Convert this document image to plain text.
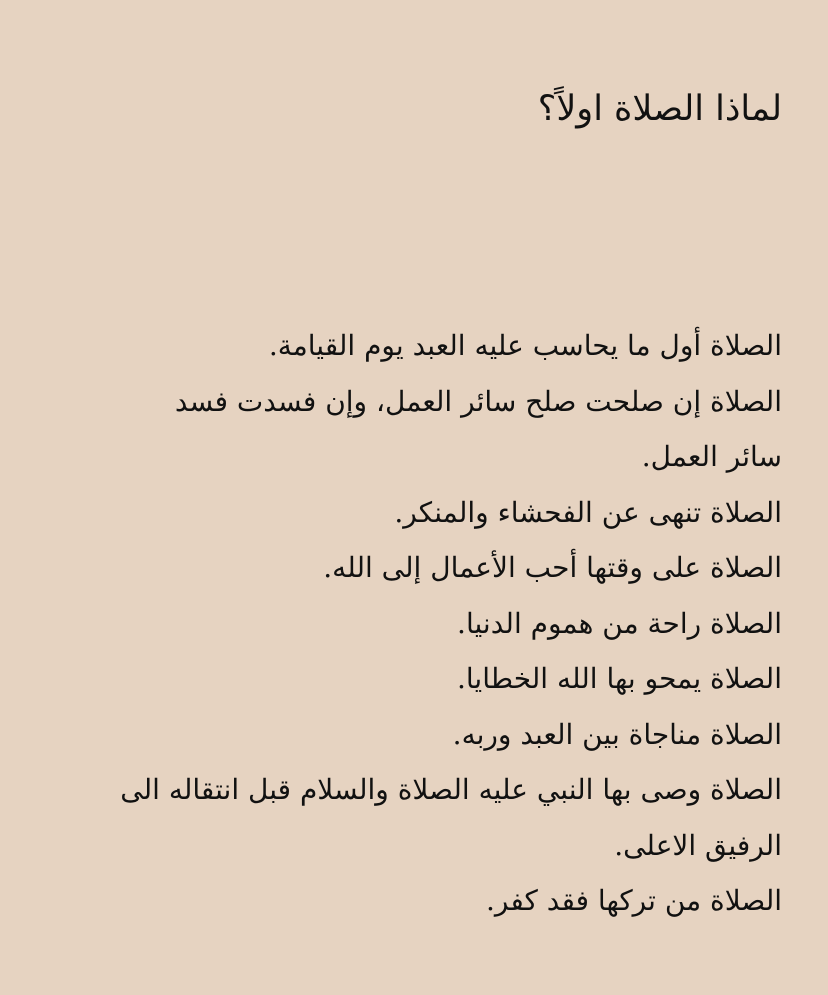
لماذا الصلاة اولاً؟
الصلاة أول ما يحاسب عليه العبد يوم القيامة.
الصلاة إن صلحت صلح سائر العمل، وإن فسدت فسد
سائر العمل.
الصلاة تنهى عن الفحشاء والمنكر.
الصلاة على وقتها أحب الأعمال إلى الله.
الصلاة راحة من هموم الدنيا.
الصلاة يمحو بها الله الخطايا.
الصلاة مناجاة بين العبد وربه.
الصلاة وصى بها النبي عليه الصلاة والسلام قبل انتقاله الى
الرفيق الاعلى.
الصلاة من تركها فقد كفر.
